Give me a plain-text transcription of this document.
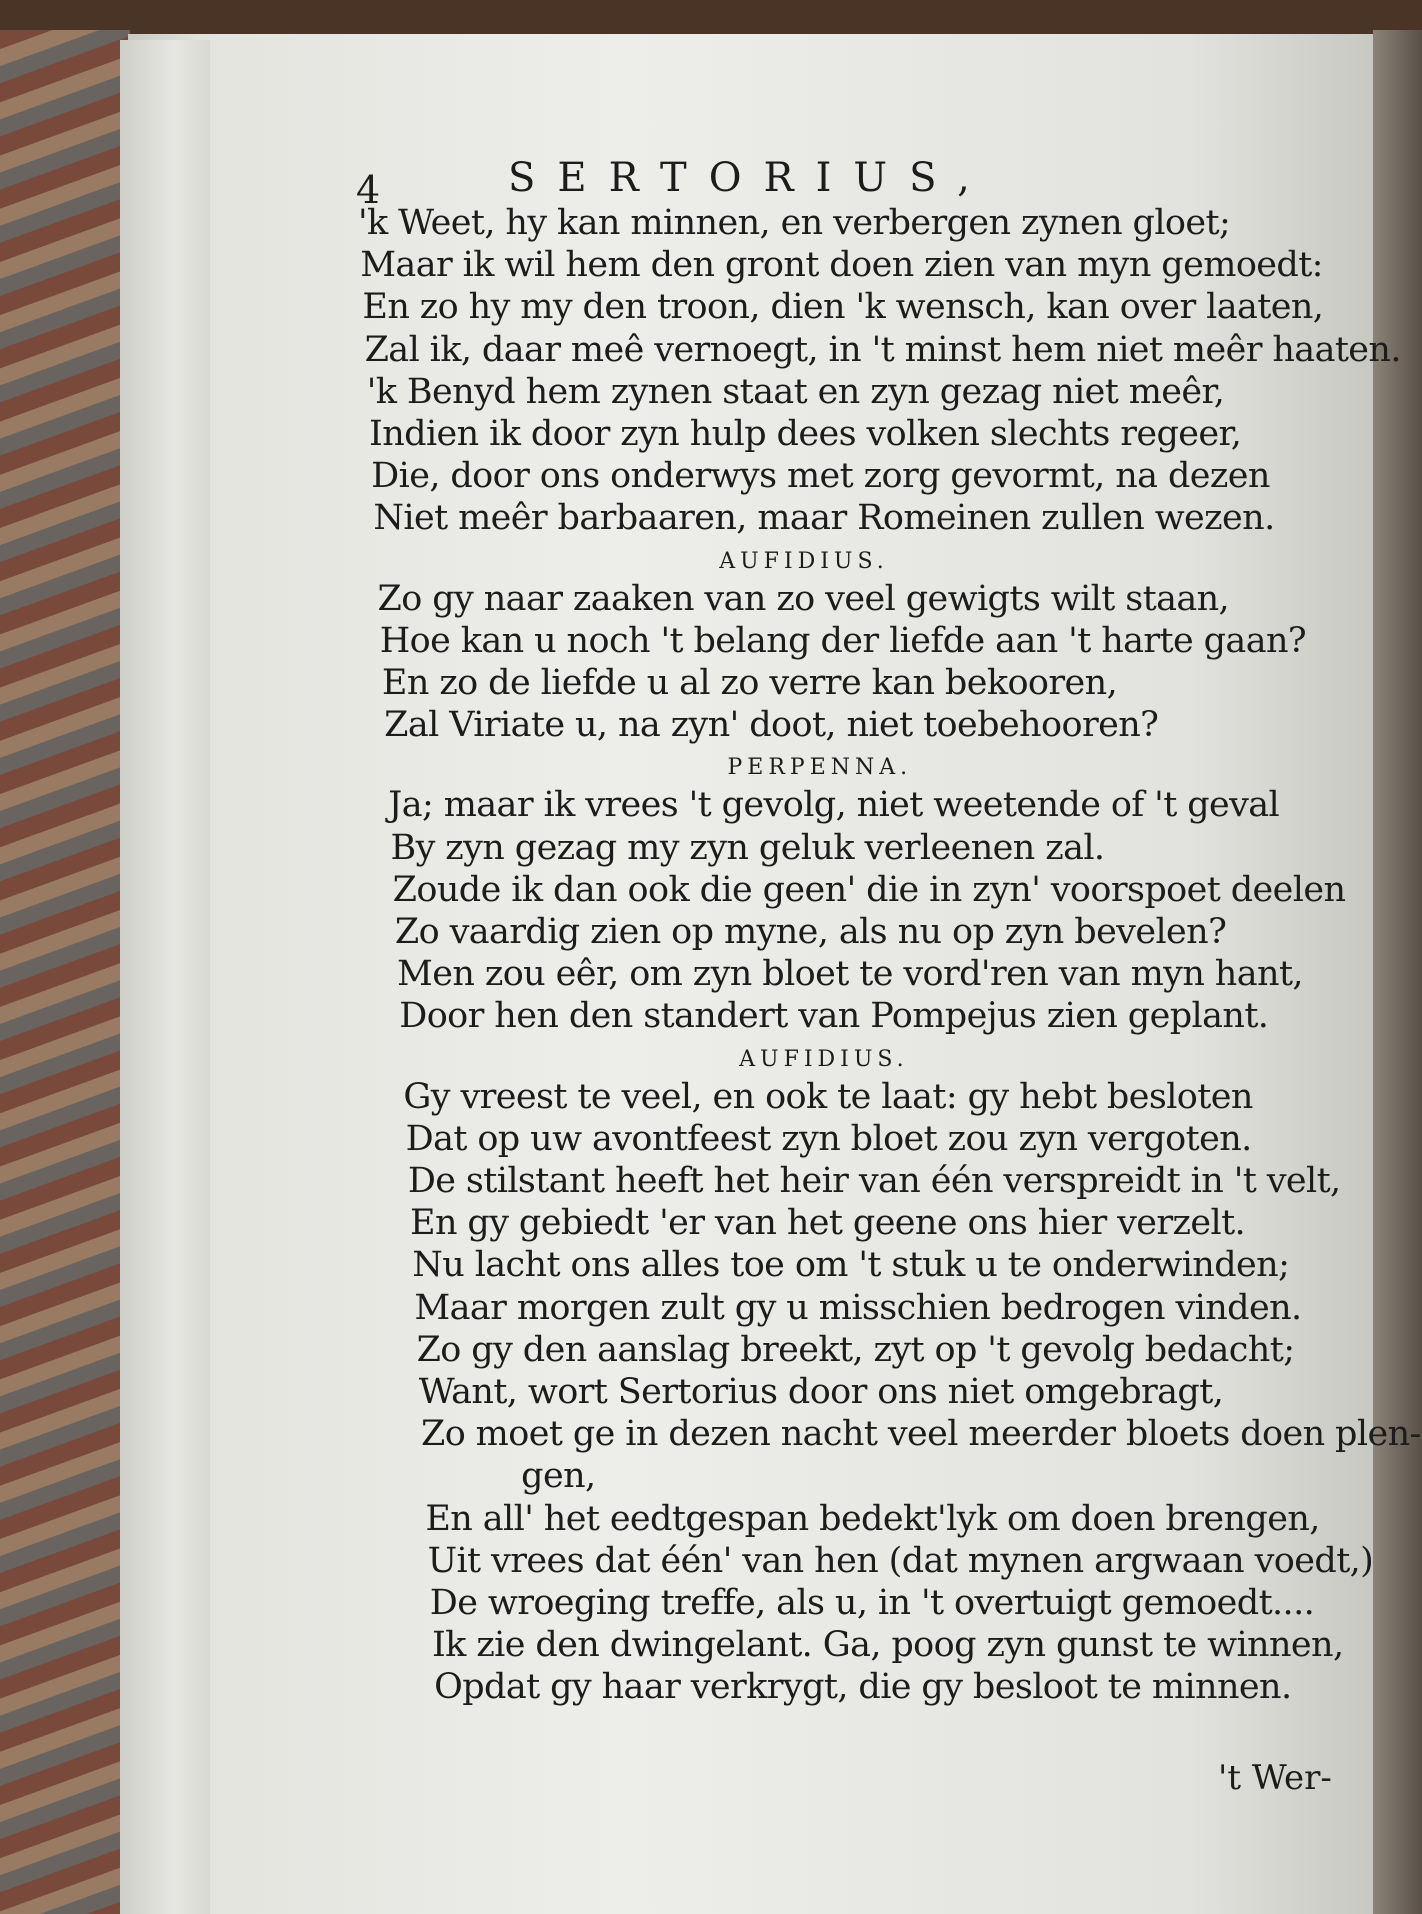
4	SERTORIUS,
'k Weet, hy kan minnen, en verbergen zynen gloet;
Maar ik wil hem den gront doen zien van myn gemoedt:
En zo hy my den troon, dien 'k wensch, kan over laaten,
Zal ik, daar meê vernoegt, in 't minst hem niet meêr haaten.
'k Benyd hem zynen staat en zyn gezag niet meêr,
Indien ik door zyn hulp dees volken slechts regeer,
Die, door ons onderwys met zorg gevormt, na dezen
Niet meêr barbaaren, maar Romeinen zullen wezen.
AUFIDIUS.
Zo gy naar zaaken van zo veel gewigts wilt staan,
Hoe kan u noch 't belang der liefde aan 't harte gaan?
En zo de liefde u al zo verre kan bekooren,
Zal Viriate u, na zyn' doot, niet toebehooren?
PERPENNA.
Ja; maar ik vrees 't gevolg, niet weetende of 't geval
By zyn gezag my zyn geluk verleenen zal.
Zoude ik dan ook die geen' die in zyn' voorspoet deelen
Zo vaardig zien op myne, als nu op zyn bevelen?
Men zou eêr, om zyn bloet te vord'ren van myn hant,
Door hen den standert van Pompejus zien geplant.
AUFIDIUS.
Gy vreest te veel, en ook te laat: gy hebt besloten
Dat op uw avontfeest zyn bloet zou zyn vergoten.
De stilstant heeft het heir van één verspreidt in 't velt,
En gy gebiedt 'er van het geene ons hier verzelt.
Nu lacht ons alles toe om 't stuk u te onderwinden;
Maar morgen zult gy u misschien bedrogen vinden.
Zo gy den aanslag breekt, zyt op 't gevolg bedacht;
Want, wort Sertorius door ons niet omgebragt,
Zo moet ge in dezen nacht veel meerder bloets doen plen-
gen,
En all' het eedtgespan bedekt'lyk om doen brengen,
Uit vrees dat één' van hen (dat mynen argwaan voedt,)
De wroeging treffe, als u, in 't overtuigt gemoedt....
Ik zie den dwingelant. Ga, poog zyn gunst te winnen,
Opdat gy haar verkrygt, die gy besloot te minnen.
't Wer-
